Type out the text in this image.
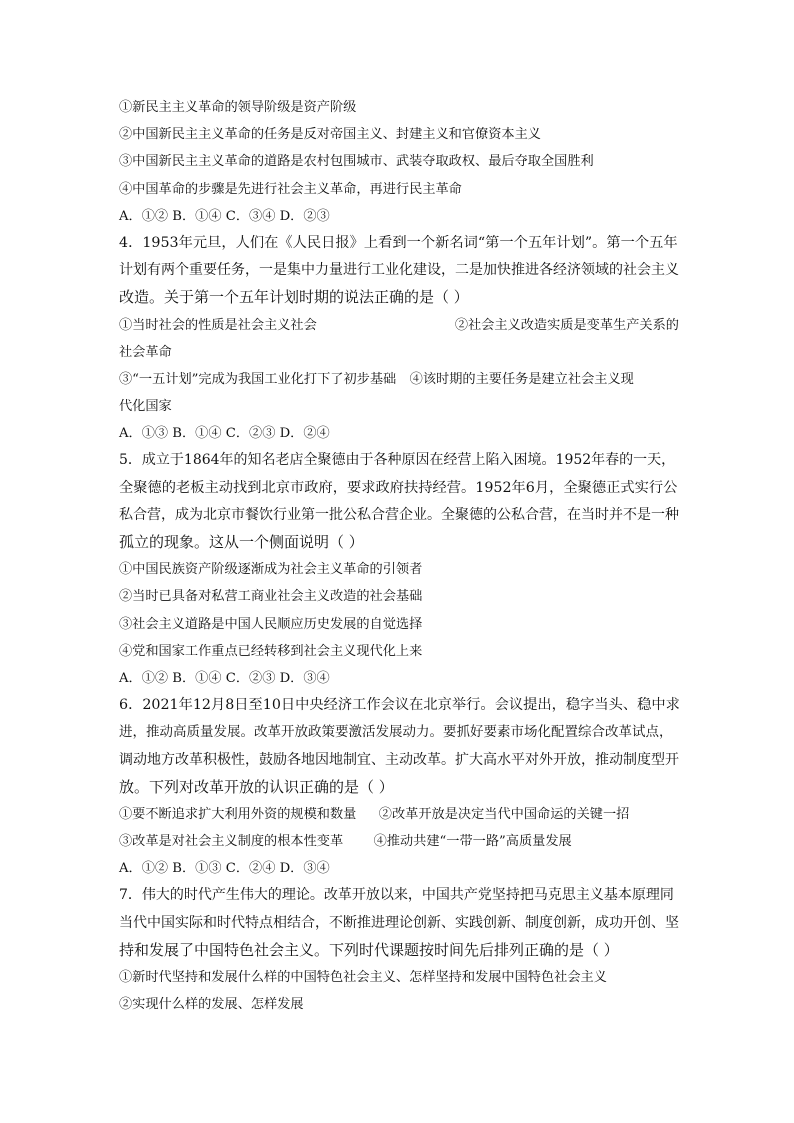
①新民主主义革命的领导阶级是资产阶级
②中国新民主主义革命的任务是反对帝国主义、封建主义和官僚资本主义
③中国新民主主义革命的道路是农村包围城市、武装夺取政权、最后夺取全国胜利
④中国革命的步骤是先进行社会主义革命，再进行民主革命
A．①② B．①④ C．③④ D．②③
4．1953年元旦，人们在《人民日报》上看到一个新名词“第一个五年计划”。第一个五年
计划有两个重要任务，一是集中力量进行工业化建设，二是加快推进各经济领域的社会主义
改造。关于第一个五年计划时期的说法正确的是（ ）
①当时社会的性质是社会主义社会	②社会主义改造实质是变革生产关系的
社会革命
③“一五计划”完成为我国工业化打下了初步基础 ④该时期的主要任务是建立社会主义现
代化国家
A．①③ B．①④ C．②③ D．②④
5．成立于1864年的知名老店全聚德由于各种原因在经营上陷入困境。1952年春的一天，
全聚德的老板主动找到北京市政府，要求政府扶持经营。1952年6月，全聚德正式实行公
私合营，成为北京市餐饮行业第一批公私合营企业。全聚德的公私合营，在当时并不是一种
孤立的现象。这从一个侧面说明（ ）
①中国民族资产阶级逐渐成为社会主义革命的引领者
②当时已具备对私营工商业社会主义改造的社会基础
③社会主义道路是中国人民顺应历史发展的自觉选择
④党和国家工作重点已经转移到社会主义现代化上来
A．①② B．①④ C．②③ D．③④
6．2021年12月8日至10日中央经济工作会议在北京举行。会议提出，稳字当头、稳中求
进，推动高质量发展。改革开放政策要激活发展动力。要抓好要素市场化配置综合改革试点，
调动地方改革积极性，鼓励各地因地制宜、主动改革。扩大高水平对外开放，推动制度型开
放。下列对改革开放的认识正确的是（ ）
①要不断追求扩大利用外资的规模和数量 ②改革开放是决定当代中国命运的关键一招
③改革是对社会主义制度的根本性变革 ④推动共建“一带一路”高质量发展
A．①② B．①③ C．②④ D．③④
7．伟大的时代产生伟大的理论。改革开放以来，中国共产党坚持把马克思主义基本原理同
当代中国实际和时代特点相结合，不断推进理论创新、实践创新、制度创新，成功开创、坚
持和发展了中国特色社会主义。下列时代课题按时间先后排列正确的是（ ）
①新时代坚持和发展什么样的中国特色社会主义、怎样坚持和发展中国特色社会主义
②实现什么样的发展、怎样发展
